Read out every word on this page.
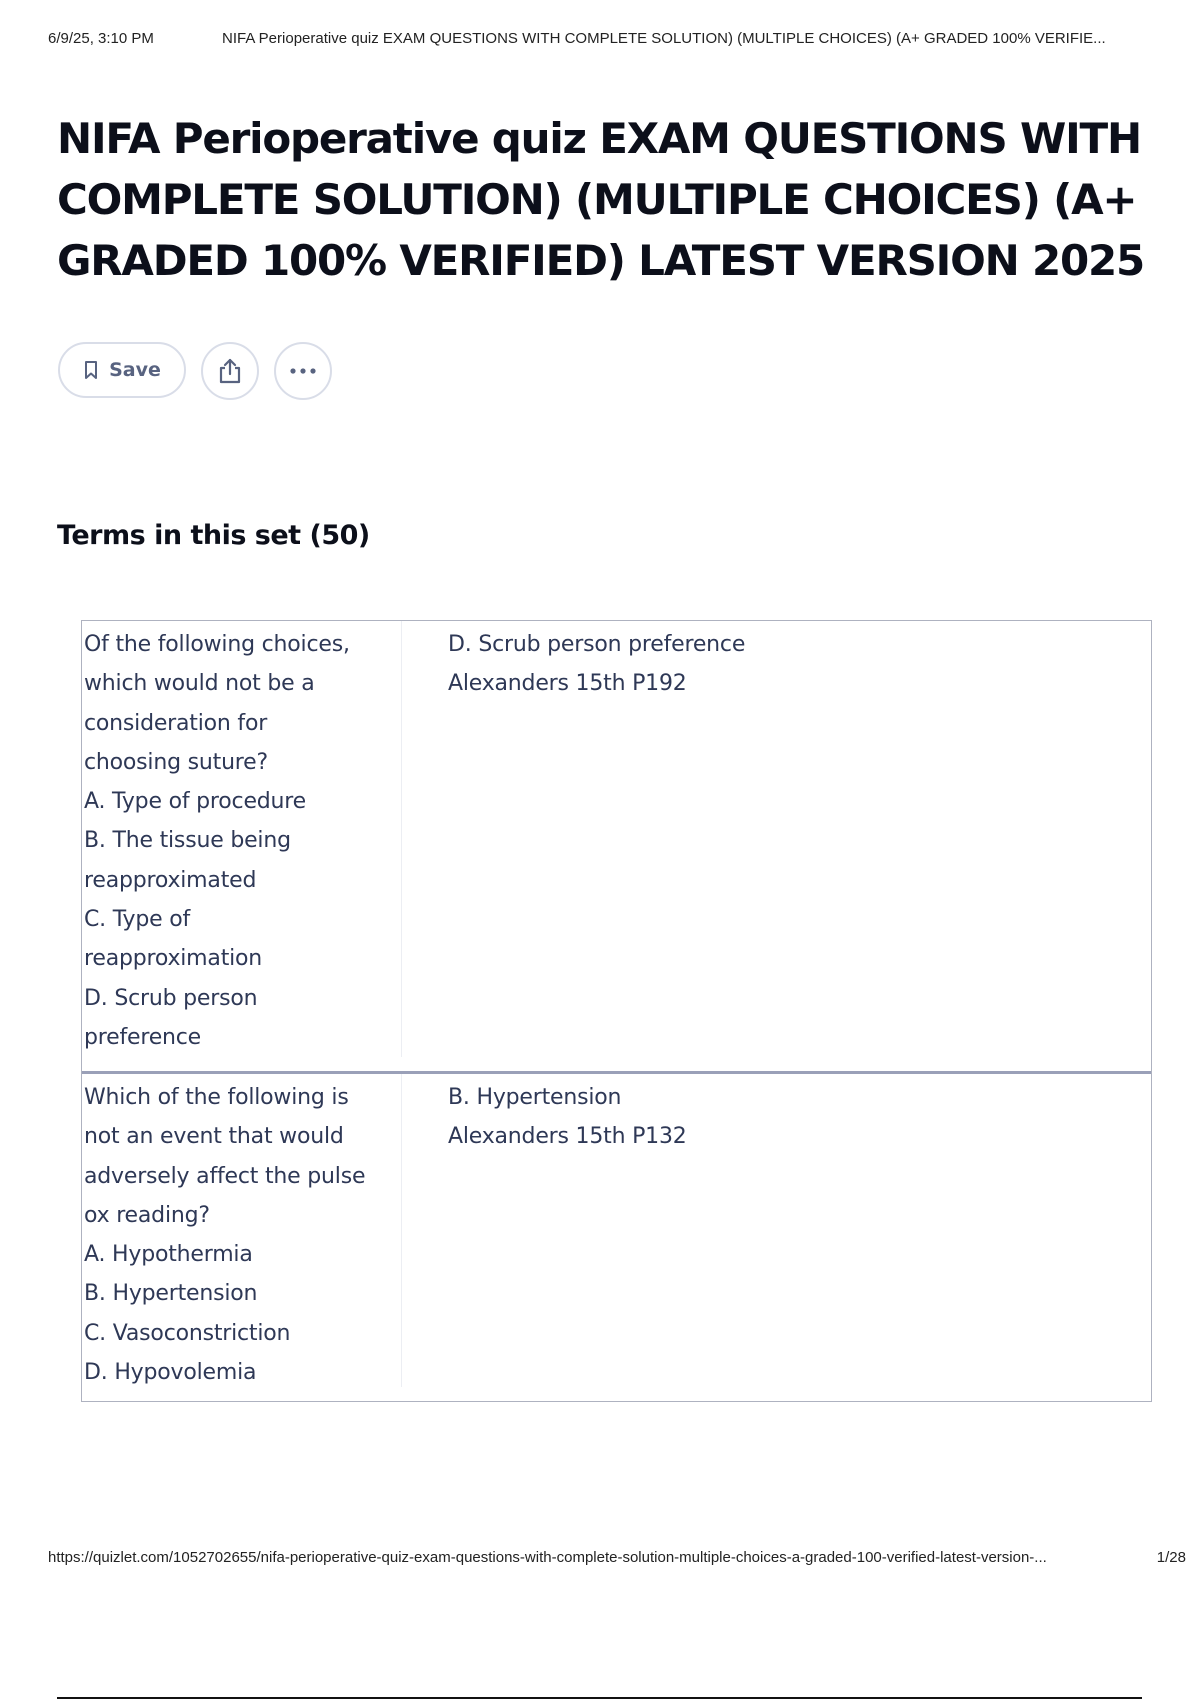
6/9/25, 3:10 PM	NIFA Perioperative quiz EXAM QUESTIONS WITH COMPLETE SOLUTION) (MULTIPLE CHOICES) (A+ GRADED 100% VERIFIE...
NIFA Perioperative quiz EXAM QUESTIONS WITH COMPLETE SOLUTION) (MULTIPLE CHOICES) (A+ GRADED 100% VERIFIED) LATEST VERSION 2025
Save
Terms in this set (50)
Of the following choices,
which would not be a
consideration for
choosing suture?
A. Type of procedure
B. The tissue being
reapproximated
C. Type of
reapproximation
D. Scrub person
preference
D. Scrub person preference
Alexanders 15th P192
Which of the following is
not an event that would
adversely affect the pulse
ox reading?
A. Hypothermia
B. Hypertension
C. Vasoconstriction
D. Hypovolemia
B. Hypertension
Alexanders 15th P132
https://quizlet.com/1052702655/nifa-perioperative-quiz-exam-questions-with-complete-solution-multiple-choices-a-graded-100-verified-latest-version-...	1/28
